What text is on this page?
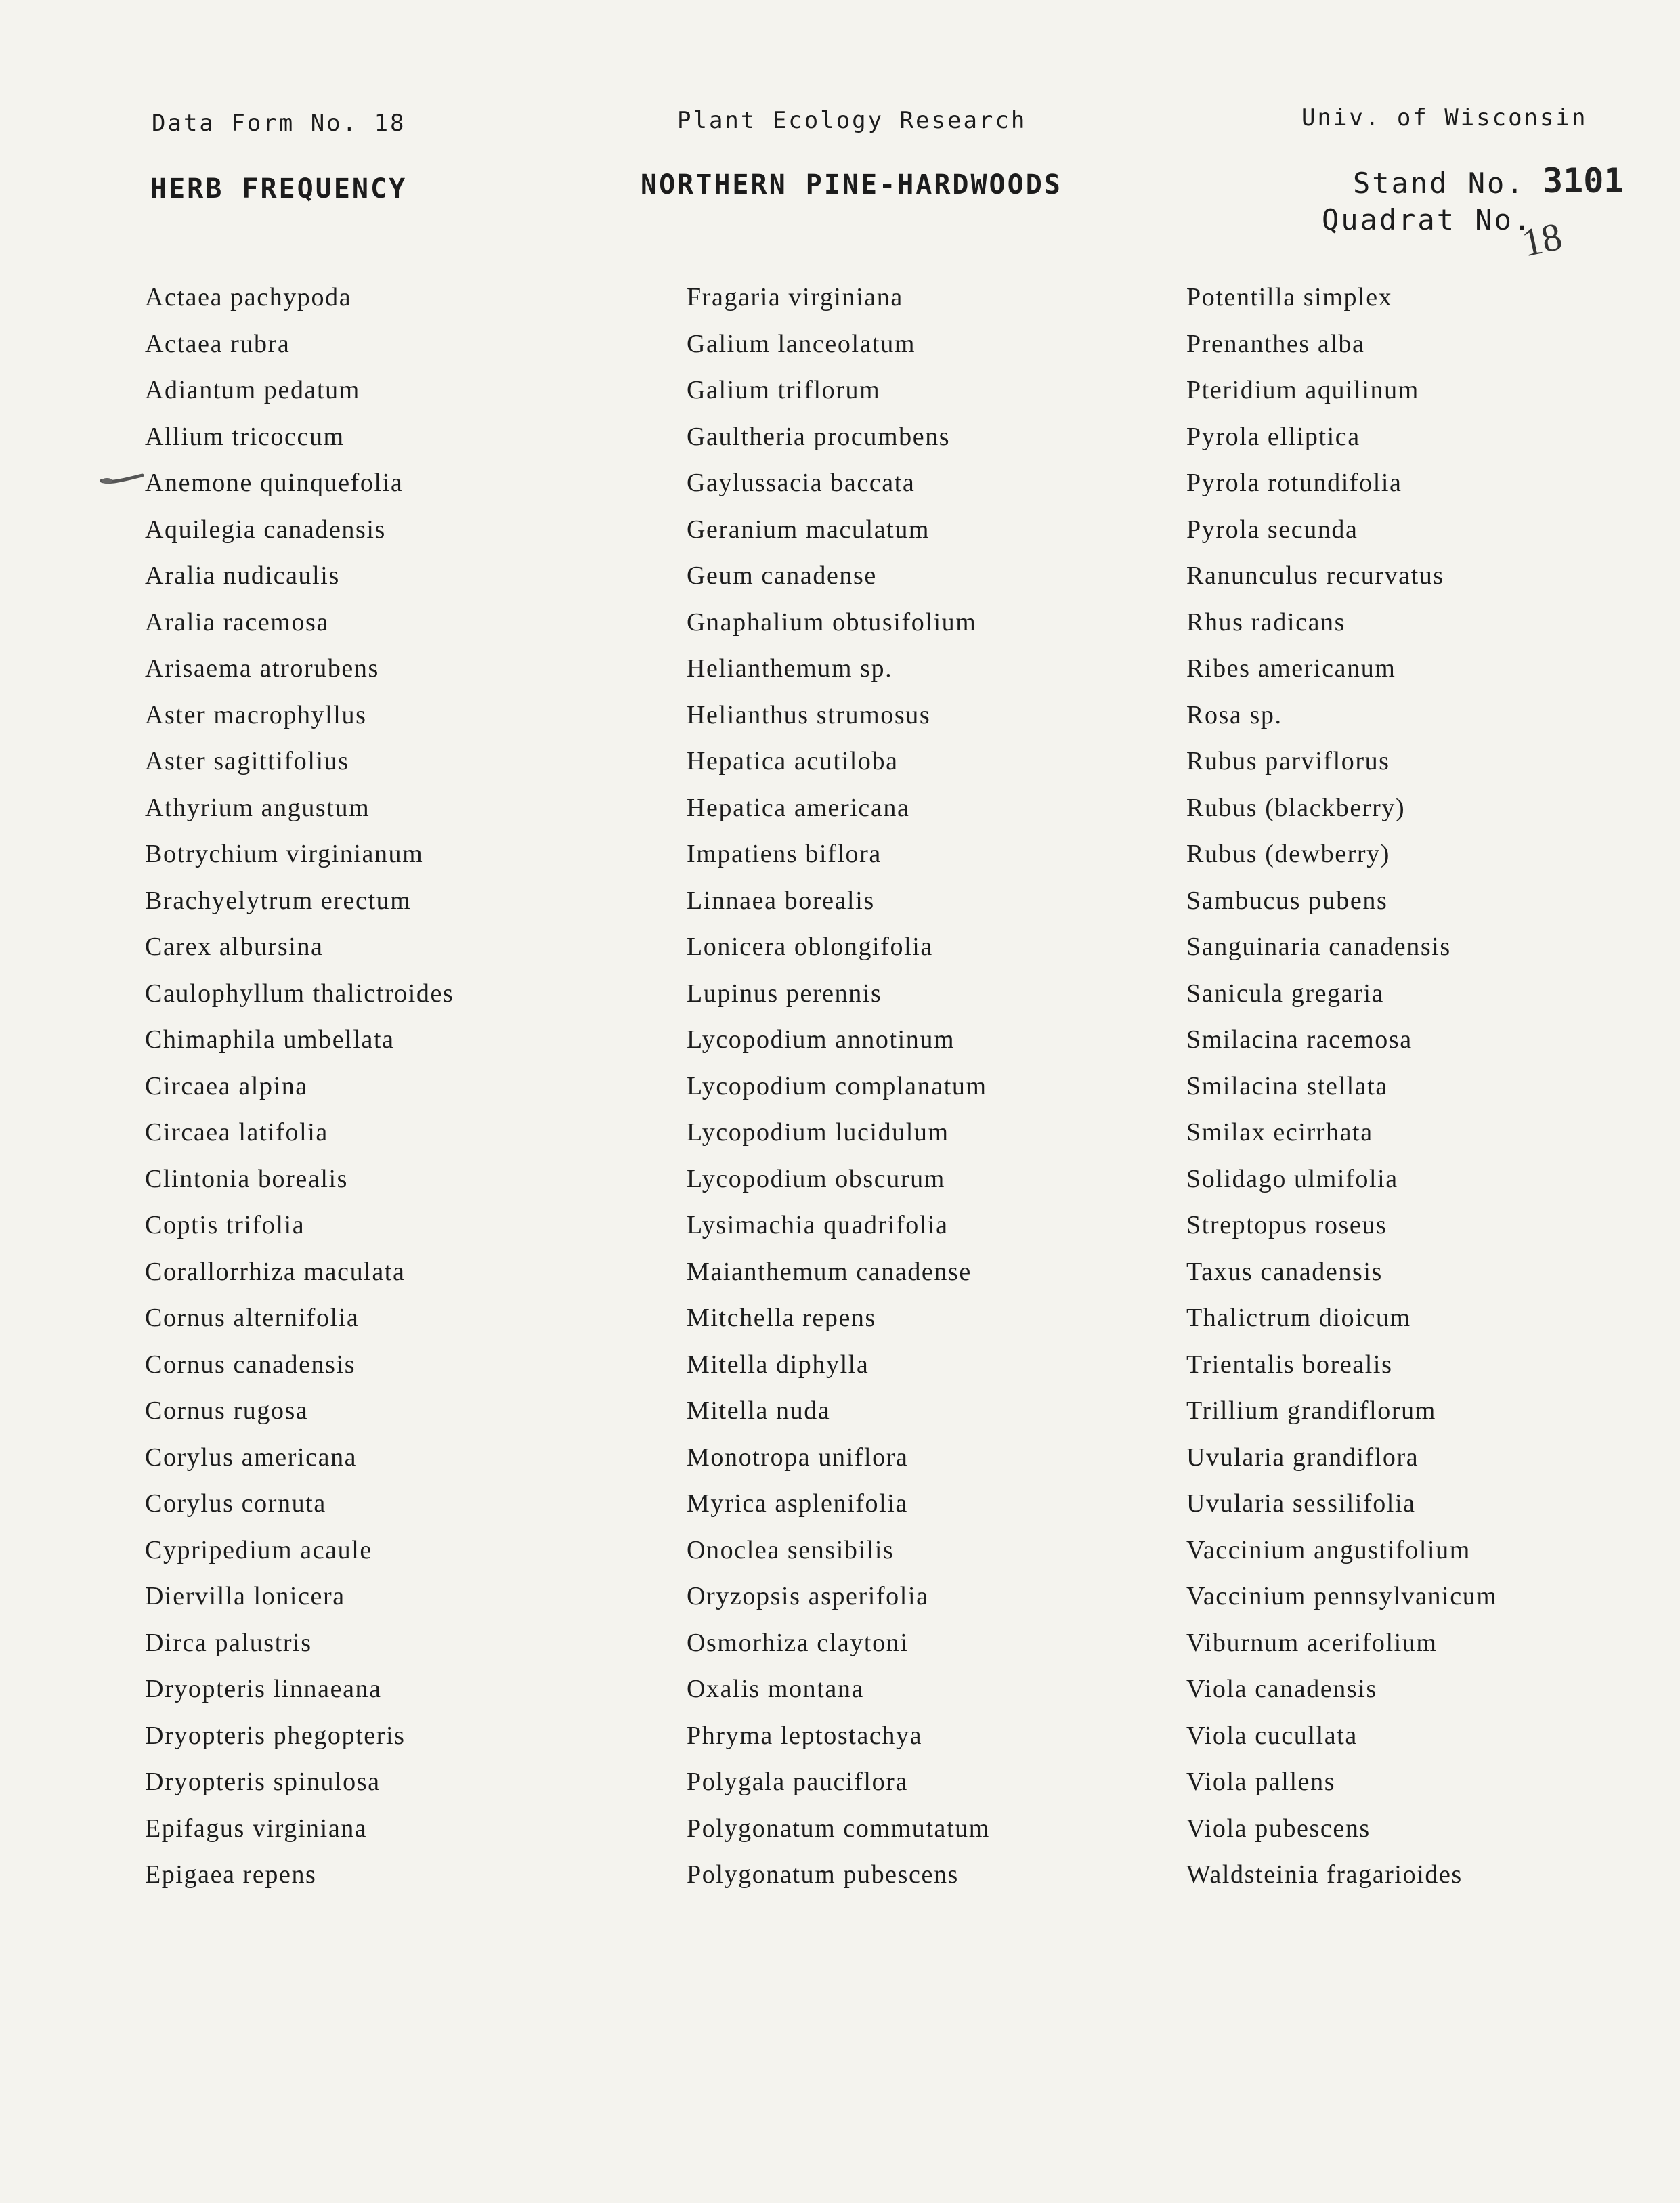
Data Form No. 18	Plant Ecology Research	Univ. of Wisconsin
HERB FREQUENCY	NORTHERN PINE-HARDWOODS	Stand No. 3101
Quadrat No.
18
Actaea pachypoda
Actaea rubra
Adiantum pedatum
Allium tricoccum
Anemone quinquefolia
Aquilegia canadensis
Aralia nudicaulis
Aralia racemosa
Arisaema atrorubens
Aster macrophyllus
Aster sagittifolius
Athyrium angustum
Botrychium virginianum
Brachyelytrum erectum
Carex albursina
Caulophyllum thalictroides
Chimaphila umbellata
Circaea alpina
Circaea latifolia
Clintonia borealis
Coptis trifolia
Corallorrhiza maculata
Cornus alternifolia
Cornus canadensis
Cornus rugosa
Corylus americana
Corylus cornuta
Cypripedium acaule
Diervilla lonicera
Dirca palustris
Dryopteris linnaeana
Dryopteris phegopteris
Dryopteris spinulosa
Epifagus virginiana
Epigaea repens
Fragaria virginiana
Galium lanceolatum
Galium triflorum
Gaultheria procumbens
Gaylussacia baccata
Geranium maculatum
Geum canadense
Gnaphalium obtusifolium
Helianthemum sp.
Helianthus strumosus
Hepatica acutiloba
Hepatica americana
Impatiens biflora
Linnaea borealis
Lonicera oblongifolia
Lupinus perennis
Lycopodium annotinum
Lycopodium complanatum
Lycopodium lucidulum
Lycopodium obscurum
Lysimachia quadrifolia
Maianthemum canadense
Mitchella repens
Mitella diphylla
Mitella nuda
Monotropa uniflora
Myrica asplenifolia
Onoclea sensibilis
Oryzopsis asperifolia
Osmorhiza claytoni
Oxalis montana
Phryma leptostachya
Polygala pauciflora
Polygonatum commutatum
Polygonatum pubescens
Potentilla simplex
Prenanthes alba
Pteridium aquilinum
Pyrola elliptica
Pyrola rotundifolia
Pyrola secunda
Ranunculus recurvatus
Rhus radicans
Ribes americanum
Rosa sp.
Rubus parviflorus
Rubus (blackberry)
Rubus (dewberry)
Sambucus pubens
Sanguinaria canadensis
Sanicula gregaria
Smilacina racemosa
Smilacina stellata
Smilax ecirrhata
Solidago ulmifolia
Streptopus roseus
Taxus canadensis
Thalictrum dioicum
Trientalis borealis
Trillium grandiflorum
Uvularia grandiflora
Uvularia sessilifolia
Vaccinium angustifolium
Vaccinium pennsylvanicum
Viburnum acerifolium
Viola canadensis
Viola cucullata
Viola pallens
Viola pubescens
Waldsteinia fragarioides
